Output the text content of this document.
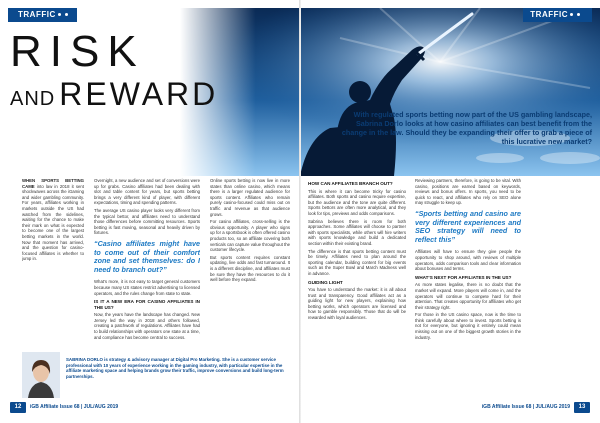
TRAFFIC	TRAFFIC
RISK
AND REWARD
With regulated sports betting now part of the US gambling landscape, Sabrina Dorlo looks at how casino affiliates can best benefit from the change in the law. Should they be expanding their offer to grab a piece of this lucrative new market?

WHEN SPORTS BETTING CAME into law in 2018 it sent shockwaves across the iGaming and wider gambling community. For years, affiliates working in markets outside the US had watched from the sidelines, waiting for the chance to make their mark on what is expected to become one of the largest betting markets in the world. Now that moment has arrived, and the question for casino-focused affiliates is whether to jump in.

Overnight, a new audience and set of conversions were up for grabs. Casino affiliates had been dealing with slot and table content for years, but sports betting brings a very different kind of player, with different expectations, timing and spending patterns.

The average US casino player looks very different from the typical bettor, and affiliates need to understand those differences before committing resources. Sports betting is fast moving, seasonal and heavily driven by fixtures.

“Casino affiliates might have to come out of their comfort zone and set themselves: do I need to branch out?”

What’s more, it is not easy to target general customers because many US states restrict advertising to licensed operators, and the rules change from state to state.

IS IT A NEW ERA FOR CASINO AFFILIATES IN THE US?

Now, the years have the landscape has changed. New Jersey led the way in 2018 and others followed, creating a patchwork of regulations. Affiliates have had to build relationships with operators one state at a time, and compliance has become central to success.

Online sports betting is now live in more states than online casino, which means there is a larger regulated audience for sports content. Affiliates who remain purely casino-focused could miss out on traffic and revenue as that audience grows.

For casino affiliates, cross-selling is the obvious opportunity. A player who signs up for a sportsbook is often offered casino products too, so an affiliate covering both verticals can capture value throughout the customer lifecycle.

But sports content requires constant updating, live odds and fast turnaround. It is a different discipline, and affiliates must be sure they have the resources to do it well before they expand.

SABRINA DORLO is strategy & advisory manager at Digital Pro Marketing. She is a customer service professional with 10 years of experience working in the gaming industry, with particular expertise in the affiliate marketing space and helping brands grow their traffic, improve conversions and build long-term partnerships.
HOW CAN AFFILIATES BRANCH OUT?

This is where it can become tricky for casino affiliates. Both sports and casino require expertise, but the audience and the tone are quite different. Sports bettors are often more analytical, and they look for tips, previews and odds comparisons.

Sabrina believes there is room for both approaches. Some affiliates will choose to partner with sports specialists, while others will hire writers with sports knowledge and build a dedicated section within their existing brand.

The difference is that sports betting content must be timely. Affiliates need to plan around the sporting calendar, building content for big events such as the Super Bowl and March Madness well in advance.

GUIDING LIGHT

You have to understand the market: it is all about trust and transparency. Good affiliates act as a guiding light for new players, explaining how betting works, which operators are licensed and how to gamble responsibly. Those that do will be rewarded with loyal audiences.

Reviewing partners, therefore, is going to be vital. With casino, positions are earned based on keywords, reviews and bonus offers. In sports, you need to be quick to react, and affiliates who rely on SEO alone may struggle to keep up.

“Sports betting and casino are very different experiences and SEO strategy will need to reflect this”

Affiliates will have to ensure they give people the opportunity to shop around, with reviews of multiple operators, odds comparison tools and clear information about bonuses and terms.

WHAT’S NEXT FOR AFFILIATES IN THE US?

As more states legalise, there is no doubt that the market will expand. More players will come in, and the operators will continue to compete hard for their attention. That creates opportunity for affiliates who get their strategy right.

For those in the US casino space, now is the time to think carefully about where to invest. Sports betting is not for everyone, but ignoring it entirely could mean missing out on one of the biggest growth stories in the industry.

12	iGB Affiliate Issue 68 | JUL/AUG 2019	iGB Affiliate Issue 68 | JUL/AUG 2019	13
